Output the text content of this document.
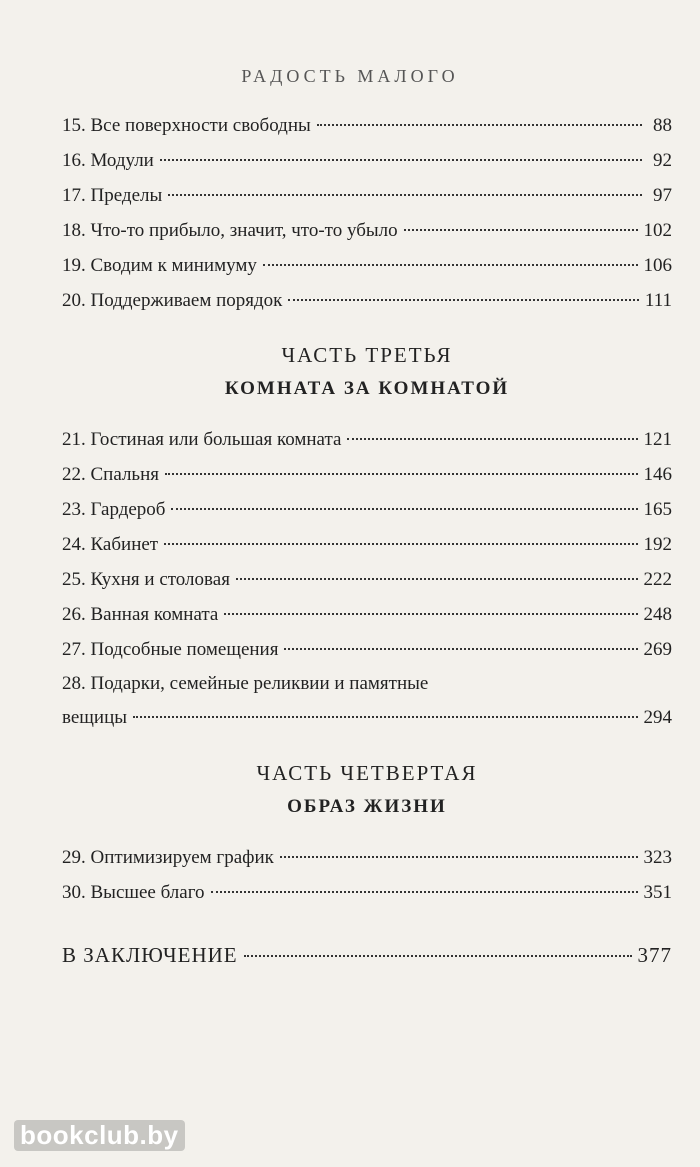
РАДОСТЬ МАЛОГО
15. Все поверхности свободны	88
16. Модули	92
17. Пределы	97
18. Что-то прибыло, значит, что-то убыло	102
19. Сводим к минимуму	106
20. Поддерживаем порядок	111
ЧАСТЬ ТРЕТЬЯ
КОМНАТА ЗА КОМНАТОЙ
21. Гостиная или большая комната	121
22. Спальня	146
23. Гардероб	165
24. Кабинет	192
25. Кухня и столовая	222
26. Ванная комната	248
27. Подсобные помещения	269
28. Подарки, семейные реликвии и памятные
вещицы	294
ЧАСТЬ ЧЕТВЕРТАЯ
ОБРАЗ ЖИЗНИ
29. Оптимизируем график	323
30. Высшее благо	351
В ЗАКЛЮЧЕНИЕ	377
bookclub.by
